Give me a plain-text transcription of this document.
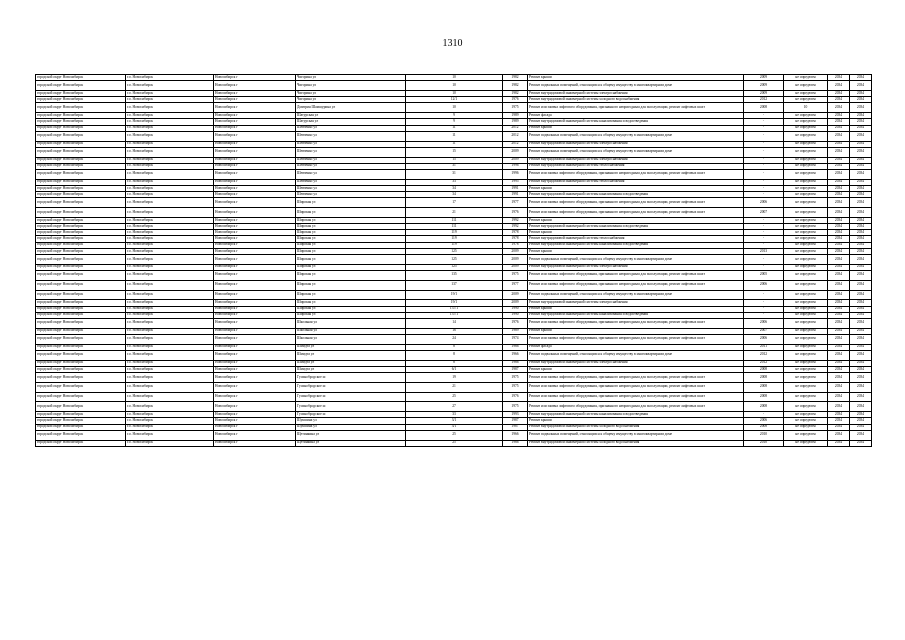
1310
городской округ Новосибирск	г.о. Новосибирск	Новосибирск г	Чигорина ул	10	1982	Ремонт крыши	2009	не определен	2034	2034
городской округ Новосибирск	г.о. Новосибирск	Новосибирск г	Чигорина ул	10	1982	Ремонт подвальных помещений, относящихся к общему имуществу в многоквартирном доме	2009	не определен	2034	2034
городской округ Новосибирск	г.о. Новосибирск	Новосибирск г	Чигорина ул	10	1982	Ремонт внутридомовой инженерной системы электроснабжения	2009	не определен	2034	2034
городской округ Новосибирск	г.о. Новосибирск	Новосибирск г	Чигорина ул	12/1	1976	Ремонт внутридомовой инженерной системы холодного водоснабжения	2012	не определен	2034	2034
городской округ Новосибирск	г.о. Новосибирск	Новосибирск г	Дмитрия Шамшурина ул	10	1975	Ремонт или замена лифтового оборудования, признанного непригодным для эксплуатации, ремонт лифтовых шахт	2008	10	2034	2034
городской округ Новосибирск	г.о. Новосибирск	Новосибирск г	Шатурская ул	9	1989	Ремонт фасада	-	не определен	2034	2034
городской округ Новосибирск	г.о. Новосибирск	Новосибирск г	Шатурская ул	9	1989	Ремонт внутридомовой инженерной системы канализования и водоотведения	-	не определен	2034	2034
городской округ Новосибирск	г.о. Новосибирск	Новосибирск г	Шевченко ул	11	2012	Ремонт крыши	-	не определен	2034	2034
городской округ Новосибирск	г.о. Новосибирск	Новосибирск г	Шевченко ул	11	2012	Ремонт подвальных помещений, относящихся к общему имуществу в многоквартирном доме	-	не определен	2034	2034
городской округ Новосибирск	г.о. Новосибирск	Новосибирск г	Шевченко ул	11	2012	Ремонт внутридомовой инженерной системы электроснабжения	-	не определен	2034	2034
городской округ Новосибирск	г.о. Новосибирск	Новосибирск г	Шевченко ул	15	2009	Ремонт подвальных помещений, относящихся к общему имуществу в многоквартирном доме	-	не определен	2034	2034
городской округ Новосибирск	г.о. Новосибирск	Новосибирск г	Шевченко ул	15	2009	Ремонт внутридомовой инженерной системы электроснабжения	-	не определен	2034	2034
городской округ Новосибирск	г.о. Новосибирск	Новосибирск г	Шевченко ул	31	1996	Ремонт внутридомовой инженерной системы теплоснабжения	-	не определен	2034	2034
городской округ Новосибирск	г.о. Новосибирск	Новосибирск г	Шевченко ул	31	1996	Ремонт или замена лифтового оборудования, признанного непригодным для эксплуатации, ремонт лифтовых шахт	-	не определен	2034	2034
городской округ Новосибирск	г.о. Новосибирск	Новосибирск г	Шевченко ул	33	1995	Ремонт внутридомовой инженерной системы теплоснабжения	-	не определен	2034	2034
городской округ Новосибирск	г.о. Новосибирск	Новосибирск г	Шевченко ул	34	1991	Ремонт крыши	-	не определен	2034	2034
городской округ Новосибирск	г.о. Новосибирск	Новосибирск г	Шевченко ул	34	1991	Ремонт внутридомовой инженерной системы канализования и водоотведения	-	не определен	2034	2034
городской округ Новосибирск	г.о. Новосибирск	Новосибирск г	Широкая ул	17	1977	Ремонт или замена лифтового оборудования, признанного непригодным для эксплуатации, ремонт лифтовых шахт	2006	не определен	2034	2034
городской округ Новосибирск	г.о. Новосибирск	Новосибирск г	Широкая ул	21	1976	Ремонт или замена лифтового оборудования, признанного непригодным для эксплуатации, ремонт лифтовых шахт	2007	не определен	2034	2034
городской округ Новосибирск	г.о. Новосибирск	Новосибирск г	Широкая ул	111	1992	Ремонт крыши	-	не определен	2034	2034
городской округ Новосибирск	г.о. Новосибирск	Новосибирск г	Широкая ул	111	1992	Ремонт внутридомовой инженерной системы канализования и водоотведения	-	не определен	2034	2034
городской округ Новосибирск	г.о. Новосибирск	Новосибирск г	Широкая ул	119	1978	Ремонт крыши	-	не определен	2034	2034
городской округ Новосибирск	г.о. Новосибирск	Новосибирск г	Широкая ул	119	1978	Ремонт внутридомовой инженерной системы теплоснабжения	-	не определен	2034	2034
городской округ Новосибирск	г.о. Новосибирск	Новосибирск г	Широкая ул	119	1978	Ремонт внутридомовой инженерной системы канализования и водоотведения	-	не определен	2034	2034
городской округ Новосибирск	г.о. Новосибирск	Новосибирск г	Широкая ул	125	2009	Ремонт крыши	2013	не определен	2034	2034
городской округ Новосибирск	г.о. Новосибирск	Новосибирск г	Широкая ул	125	2009	Ремонт подвальных помещений, относящихся к общему имуществу в многоквартирном доме	-	не определен	2034	2034
городской округ Новосибирск	г.о. Новосибирск	Новосибирск г	Широкая ул	125	2009	Ремонт внутридомовой инженерной системы электроснабжения	-	не определен	2034	2034
городской округ Новосибирск	г.о. Новосибирск	Новосибирск г	Широкая ул	135	1975	Ремонт или замена лифтового оборудования, признанного непригодным для эксплуатации, ремонт лифтовых шахт	2005	не определен	2034	2034
городской округ Новосибирск	г.о. Новосибирск	Новосибирск г	Широкая ул	137	1977	Ремонт или замена лифтового оборудования, признанного непригодным для эксплуатации, ремонт лифтовых шахт	2006	не определен	2034	2034
городской округ Новосибирск	г.о. Новосибирск	Новосибирск г	Широкая ул	19/1	2009	Ремонт подвальных помещений, относящихся к общему имуществу в многоквартирном доме	-	не определен	2034	2034
городской округ Новосибирск	г.о. Новосибирск	Новосибирск г	Широкая ул	19/1	2009	Ремонт внутридомовой инженерной системы электроснабжения	-	не определен	2034	2034
городской округ Новосибирск	г.о. Новосибирск	Новосибирск г	Широкая ул	137/1	1990	Ремонт крыши	-	не определен	2034	2034
городской округ Новосибирск	г.о. Новосибирск	Новосибирск г	Широкая ул	137/1	1990	Ремонт внутридомовой инженерной системы канализования и водоотведения	-	не определен	2034	2034
городской округ Новосибирск	г.о. Новосибирск	Новосибирск г	Школьная ул	14	1976	Ремонт или замена лифтового оборудования, признанного непригодным для эксплуатации, ремонт лифтовых шахт	2006	не определен	2034	2034
городской округ Новосибирск	г.о. Новосибирск	Новосибирск г	Школьная ул	16	1989	Ремонт крыши	2007	не определен	2034	2034
городской округ Новосибирск	г.о. Новосибирск	Новосибирск г	Школьная ул	24	1974	Ремонт или замена лифтового оборудования, признанного непригодным для эксплуатации, ремонт лифтовых шахт	2006	не определен	2034	2034
городской округ Новосибирск	г.о. Новосибирск	Новосибирск г	Шмидта ул	8	1966	Ремонт фасада	2011	не определен	2034	2034
городской округ Новосибирск	г.о. Новосибирск	Новосибирск г	Шмидта ул	8	1966	Ремонт подвальных помещений, относящихся к общему имуществу в многоквартирном доме	2012	не определен	2034	2034
городской округ Новосибирск	г.о. Новосибирск	Новосибирск г	Шмидта ул	8	1966	Ремонт внутридомовой инженерной системы электроснабжения	2012	не определен	2034	2034
городской округ Новосибирск	г.о. Новосибирск	Новосибирск г	Шмидта ул	6/1	1987	Ремонт крыши	2008	не определен	2034	2034
городской округ Новосибирск	г.о. Новосибирск	Новосибирск г	Гусинобродское ш	19	1975	Ремонт или замена лифтового оборудования, признанного непригодным для эксплуатации, ремонт лифтовых шахт	2008	не определен	2034	2034
городской округ Новосибирск	г.о. Новосибирск	Новосибирск г	Гусинобродское ш	21	1975	Ремонт или замена лифтового оборудования, признанного непригодным для эксплуатации, ремонт лифтовых шахт	2008	не определен	2034	2034
городской округ Новосибирск	г.о. Новосибирск	Новосибирск г	Гусинобродское ш	25	1976	Ремонт или замена лифтового оборудования, признанного непригодным для эксплуатации, ремонт лифтовых шахт	2008	не определен	2034	2034
городской округ Новосибирск	г.о. Новосибирск	Новосибирск г	Гусинобродское ш	27	1975	Ремонт или замена лифтового оборудования, признанного непригодным для эксплуатации, ремонт лифтовых шахт	2008	не определен	2034	2034
городской округ Новосибирск	г.о. Новосибирск	Новосибирск г	Гусинобродское ш	33	1993	Ремонт внутридомовой инженерной системы канализования и водоотведения	-	не определен	2034	2034
городской округ Новосибирск	г.о. Новосибирск	Новосибирск г	Шукшина ул	3/1	1987	Ремонт крыши	2006	не определен	2034	2034
городской округ Новосибирск	г.о. Новосибирск	Новосибирск г	Шукшина ул	3/1	1987	Ремонт внутридомовой инженерной системы холодного водоснабжения	2008	не определен	2034	2034
городской округ Новосибирск	г.о. Новосибирск	Новосибирск г	Щетинкина ул	25	1966	Ремонт подвальных помещений, относящихся к общему имуществу в многоквартирном доме	2010	не определен	2034	2034
городской округ Новосибирск	г.о. Новосибирск	Новосибирск г	Щетинкина ул	25	1966	Ремонт внутридомовой инженерной системы холодного водоснабжения	2010	не определен	2034	2034
